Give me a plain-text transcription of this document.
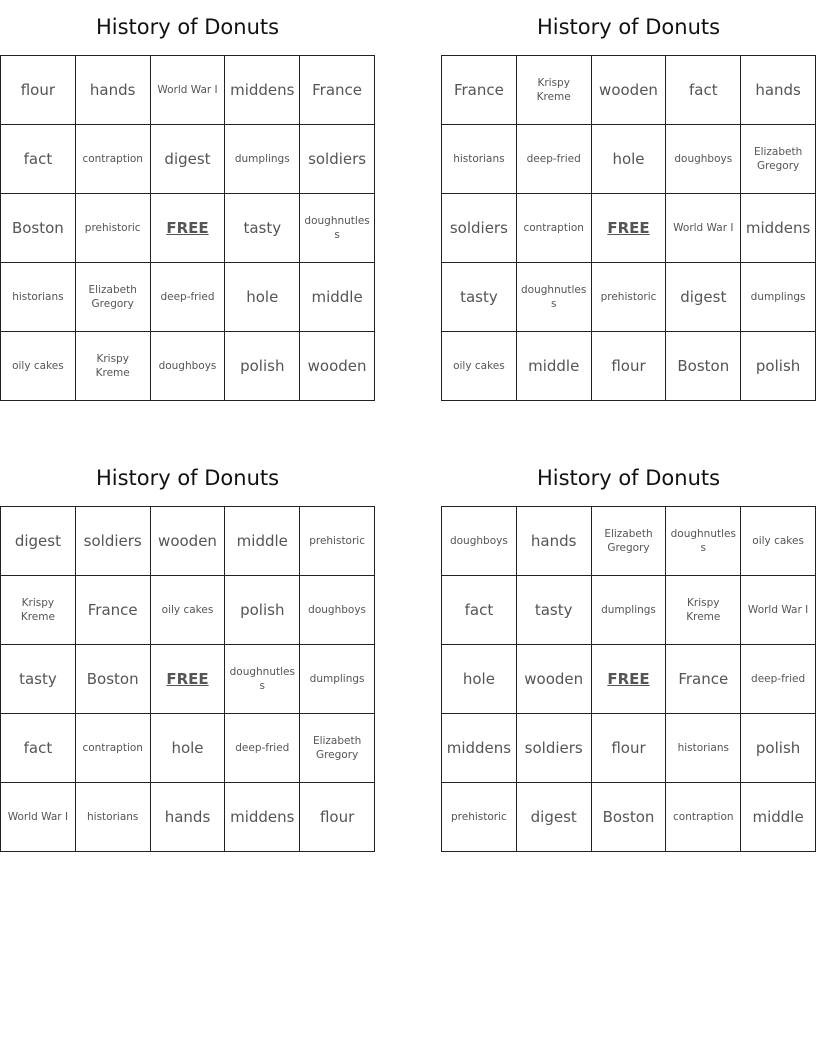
History of Donuts
flour	hands	World War I	middens	France
fact	contraption	digest	dumplings	soldiers
Boston	prehistoric	FREE	tasty	doughnutless
historians	Elizabeth Gregory	deep-fried	hole	middle
oily cakes	Krispy Kreme	doughboys	polish	wooden
History of Donuts
France	Krispy Kreme	wooden	fact	hands
historians	deep-fried	hole	doughboys	Elizabeth Gregory
soldiers	contraption	FREE	World War I	middens
tasty	doughnutless	prehistoric	digest	dumplings
oily cakes	middle	flour	Boston	polish
History of Donuts
digest	soldiers	wooden	middle	prehistoric
Krispy Kreme	France	oily cakes	polish	doughboys
tasty	Boston	FREE	doughnutless	dumplings
fact	contraption	hole	deep-fried	Elizabeth Gregory
World War I	historians	hands	middens	flour
History of Donuts
doughboys	hands	Elizabeth Gregory	doughnutless	oily cakes
fact	tasty	dumplings	Krispy Kreme	World War I
hole	wooden	FREE	France	deep-fried
middens	soldiers	flour	historians	polish
prehistoric	digest	Boston	contraption	middle
